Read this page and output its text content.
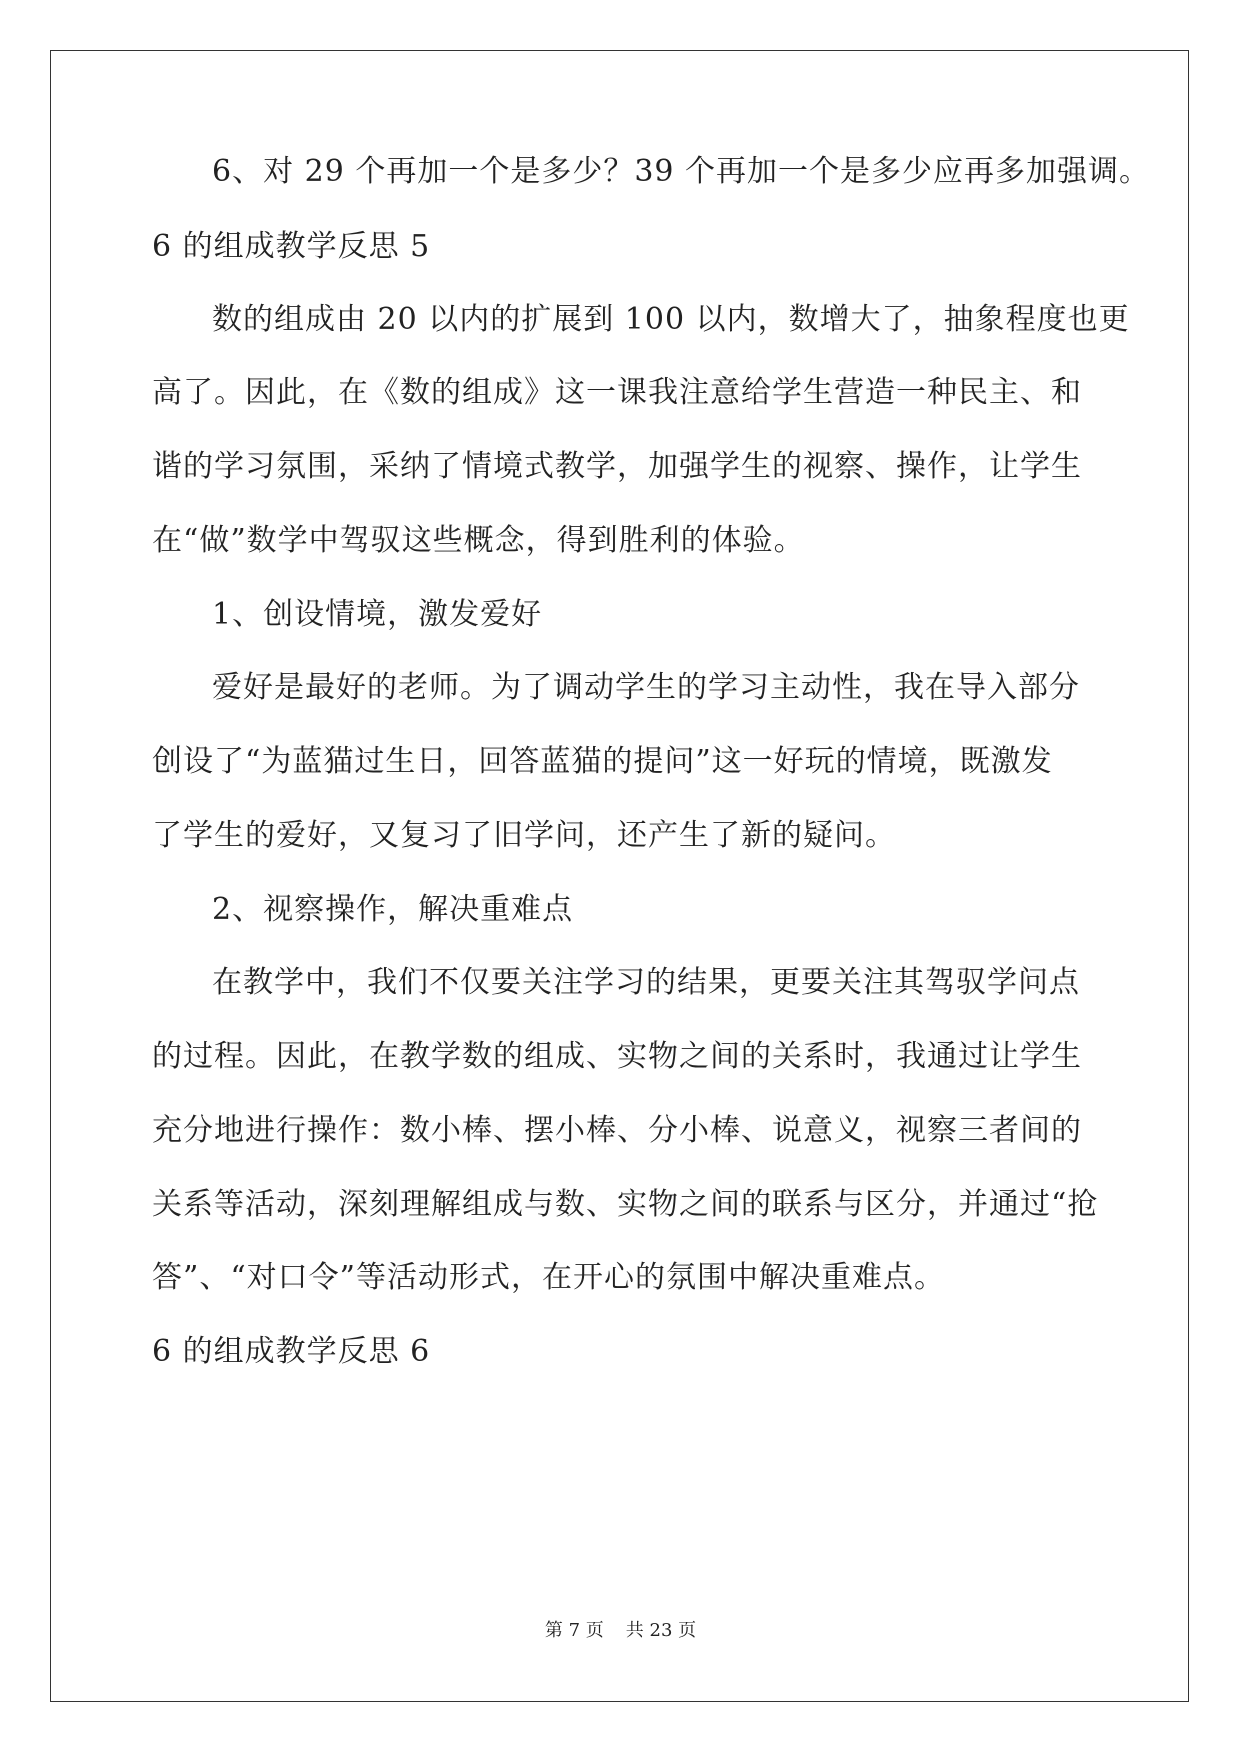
6、对 29 个再加一个是多少？39 个再加一个是多少应再多加强调。
6 的组成教学反思 5
数的组成由 20 以内的扩展到 100 以内，数增大了，抽象程度也更
高了。因此，在《数的组成》这一课我注意给学生营造一种民主、和
谐的学习氛围，采纳了情境式教学，加强学生的视察、操作，让学生
在“做”数学中驾驭这些概念，得到胜利的体验。
1、创设情境，激发爱好
爱好是最好的老师。为了调动学生的学习主动性，我在导入部分
创设了“为蓝猫过生日，回答蓝猫的提问”这一好玩的情境，既激发
了学生的爱好，又复习了旧学问，还产生了新的疑问。
2、视察操作，解决重难点
在教学中，我们不仅要关注学习的结果，更要关注其驾驭学问点
的过程。因此，在教学数的组成、实物之间的关系时，我通过让学生
充分地进行操作：数小棒、摆小棒、分小棒、说意义，视察三者间的
关系等活动，深刻理解组成与数、实物之间的联系与区分，并通过“抢
答”、“对口令”等活动形式，在开心的氛围中解决重难点。
6 的组成教学反思 6
第 7 页 共 23 页
